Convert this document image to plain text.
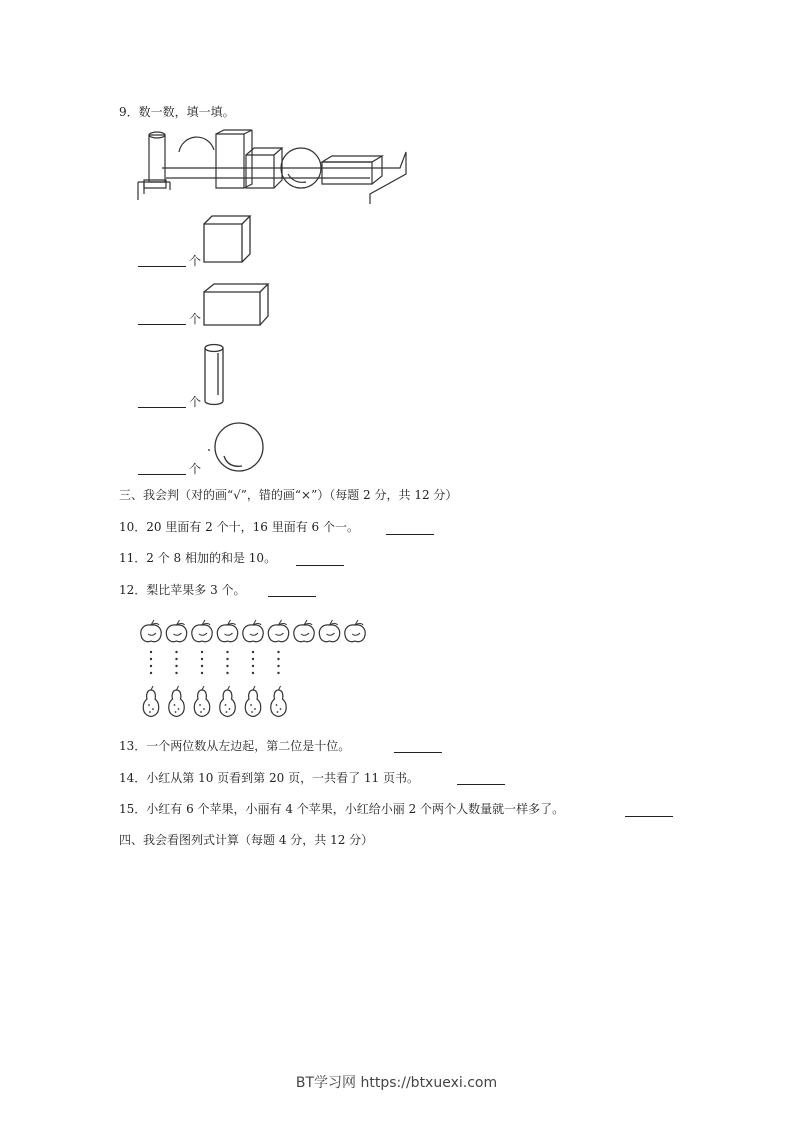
9．数一数，填一填。
个
个
个
个
三、我会判（对的画“√”，错的画“×”）（每题 2 分，共 12 分）
10．20 里面有 2 个十，16 里面有 6 个一。
11．2 个 8 相加的和是 10。
12．梨比苹果多 3 个。
13．一个两位数从左边起，第二位是十位。
14．小红从第 10 页看到第 20 页，一共看了 11 页书。
15．小红有 6 个苹果，小丽有 4 个苹果，小红给小丽 2 个两个人数量就一样多了。
四、我会看图列式计算（每题 4 分，共 12 分）
BT学习网 https://btxuexi.com
